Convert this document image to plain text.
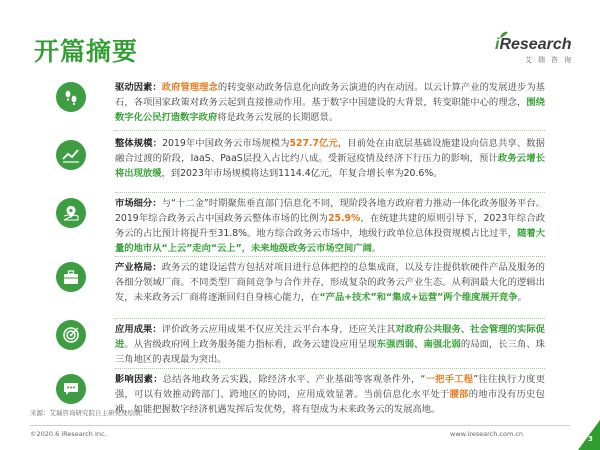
开篇摘要	iResearch
艾瑞咨询
驱动因素：政府管理理念的转变驱动政务信息化向政务云演进的内在动因。以云计算产业的发展进步为基石，各项国家政策对政务云起到直接推动作用。基于数字中国建设的大背景，转变职能中心的理念，围绕数字化公民打造数字政府将是政务云发展的长期愿景。
整体规模：2019年中国政务云市场规模为527.7亿元，目前处在由底层基础设施建设向信息共享、数据融合过渡的阶段，IaaS、PaaS层投入占比约八成。受新冠疫情及经济下行压力的影响，预计政务云增长将出现放缓，到2023年市场规模将达到1114.4亿元，年复合增长率为20.6%。
市场细分：与“十二金”时期聚焦垂直部门信息化不同，现阶段各地方政府着力推动一体化政务服务平台。2019年综合政务云占中国政务云整体市场的比例为25.9%，在统建共建的原则引导下，2023年综合政务云的占比预计将提升至31.8%。地方综合政务云市场中，地级行政单位总体投资规模占比过半，随着大量的地市从“上云”走向“云上”，未来地级政务云市场空间广阔。
产业格局：政务云的建设运营方包括对项目进行总体把控的总集成商，以及专注提供软硬件产品及服务的各细分领域厂商。不同类型厂商间竞争与合作并存，形成复杂的政务云产业生态。从利润最大化的逻辑出发，未来政务云厂商将逐渐回归自身核心能力，在“产品+技术”和“集成+运营”两个维度展开竞争。
应用成果：评价政务云应用成果不仅应关注云平台本身，还应关注其对政府公共服务、社会管理的实际促进。从省级政府网上政务服务能力指标看，政务云建设应用呈现东强西弱、南强北弱的局面，长三角、珠三角地区的表现最为突出。
影响因素：总结各地政务云实践，除经济水平、产业基础等客观条件外，“一把手工程”往往执行力度更强，可以有效推动跨部门、跨地区的协同，应用成效显著。当前信息化水平处于腰部的地市没有历史包袱，如能把握数字经济机遇发挥后发优势，将有望成为未来政务云的发展高地。
来源：艾瑞咨询研究院自主研究及绘制。
©2020.6 iResearch Inc.	www.iresearch.com.cn
3
